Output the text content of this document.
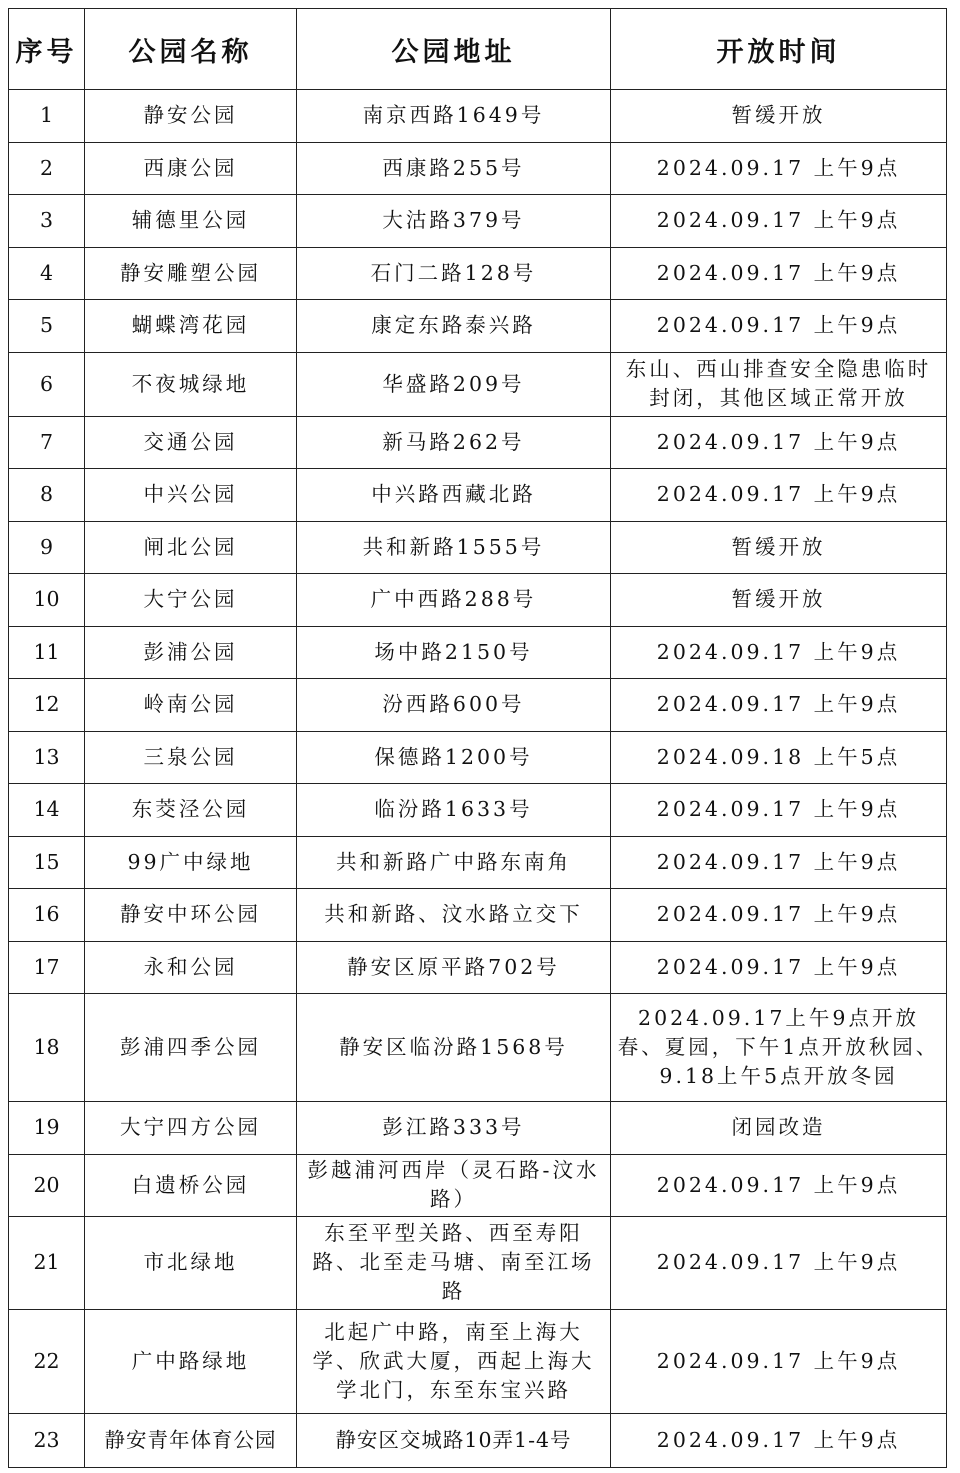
序号	公园名称	公园地址	开放时间
1	静安公园	南京西路1649号	暂缓开放
2	西康公园	西康路255号	2024.09.17 上午9点
3	辅德里公园	大沽路379号	2024.09.17 上午9点
4	静安雕塑公园	石门二路128号	2024.09.17 上午9点
5	蝴蝶湾花园	康定东路泰兴路	2024.09.17 上午9点
6	不夜城绿地	华盛路209号	东山、西山排查安全隐患临时封闭，其他区域正常开放
7	交通公园	新马路262号	2024.09.17 上午9点
8	中兴公园	中兴路西藏北路	2024.09.17 上午9点
9	闸北公园	共和新路1555号	暂缓开放
10	大宁公园	广中西路288号	暂缓开放
11	彭浦公园	场中路2150号	2024.09.17 上午9点
12	岭南公园	汾西路600号	2024.09.17 上午9点
13	三泉公园	保德路1200号	2024.09.18 上午5点
14	东茭泾公园	临汾路1633号	2024.09.17 上午9点
15	99广中绿地	共和新路广中路东南角	2024.09.17 上午9点
16	静安中环公园	共和新路、汶水路立交下	2024.09.17 上午9点
17	永和公园	静安区原平路702号	2024.09.17 上午9点
18	彭浦四季公园	静安区临汾路1568号	2024.09.17上午9点开放春、夏园，下午1点开放秋园、9.18上午5点开放冬园
19	大宁四方公园	彭江路333号	闭园改造
20	白遗桥公园	彭越浦河西岸（灵石路-汶水路）	2024.09.17 上午9点
21	市北绿地	东至平型关路、西至寿阳路、北至走马塘、南至江场路	2024.09.17 上午9点
22	广中路绿地	北起广中路，南至上海大学、欣武大厦，西起上海大学北门，东至东宝兴路	2024.09.17 上午9点
23	静安青年体育公园	静安区交城路10弄1-4号	2024.09.17 上午9点
